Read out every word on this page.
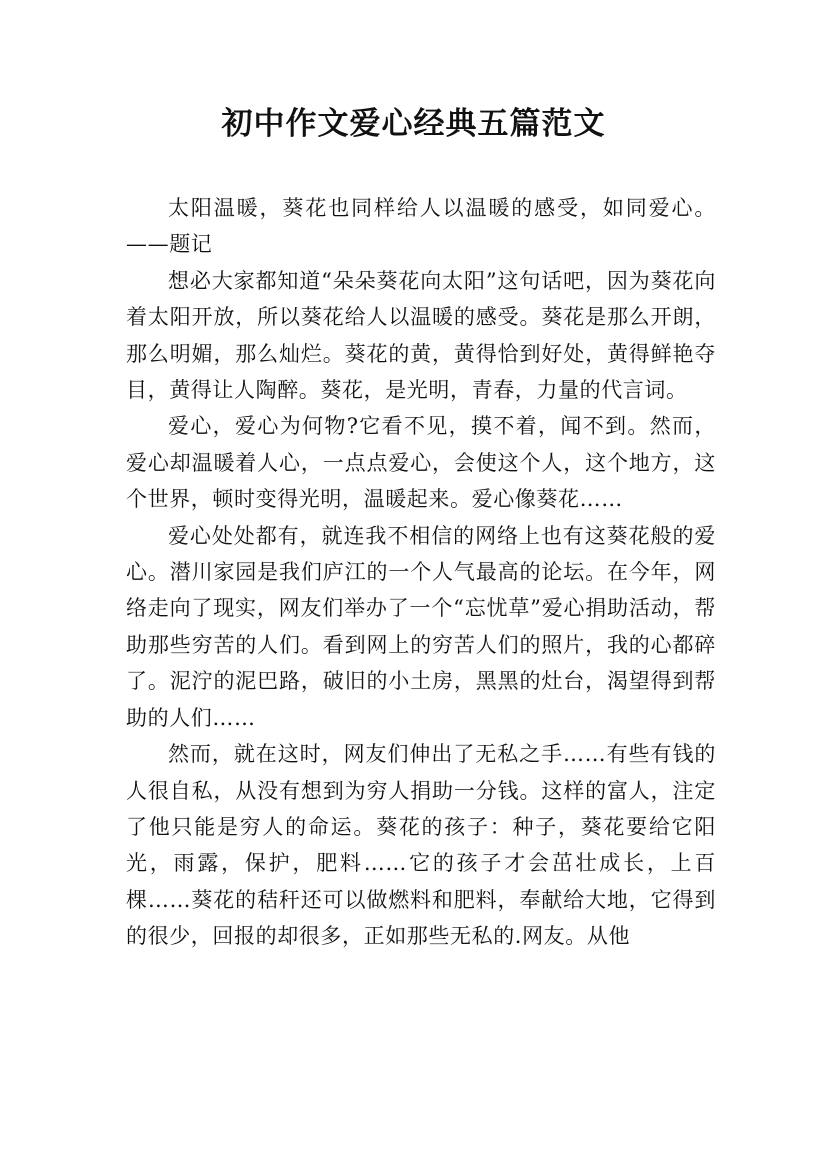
初中作文爱心经典五篇范文

太阳温暖，葵花也同样给人以温暖的感受，如同爱心。——题记

想必大家都知道“朵朵葵花向太阳”这句话吧，因为葵花向着太阳开放，所以葵花给人以温暖的感受。葵花是那么开朗，那么明媚，那么灿烂。葵花的黄，黄得恰到好处，黄得鲜艳夺目，黄得让人陶醉。葵花，是光明，青春，力量的代言词。

爱心，爱心为何物?它看不见，摸不着，闻不到。然而，爱心却温暖着人心，一点点爱心，会使这个人，这个地方，这个世界，顿时变得光明，温暖起来。爱心像葵花……

爱心处处都有，就连我不相信的网络上也有这葵花般的爱心。潜川家园是我们庐江的一个人气最高的论坛。在今年，网络走向了现实，网友们举办了一个“忘忧草”爱心捐助活动，帮助那些穷苦的人们。看到网上的穷苦人们的照片，我的心都碎了。泥泞的泥巴路，破旧的小土房，黑黑的灶台，渴望得到帮助的人们……

然而，就在这时，网友们伸出了无私之手……有些有钱的人很自私，从没有想到为穷人捐助一分钱。这样的富人，注定了他只能是穷人的命运。葵花的孩子：种子，葵花要给它阳光，雨露，保护，肥料……它的孩子才会茁壮成长，上百棵……葵花的秸秆还可以做燃料和肥料，奉献给大地，它得到的很少，回报的却很多，正如那些无私的.网友。从他
